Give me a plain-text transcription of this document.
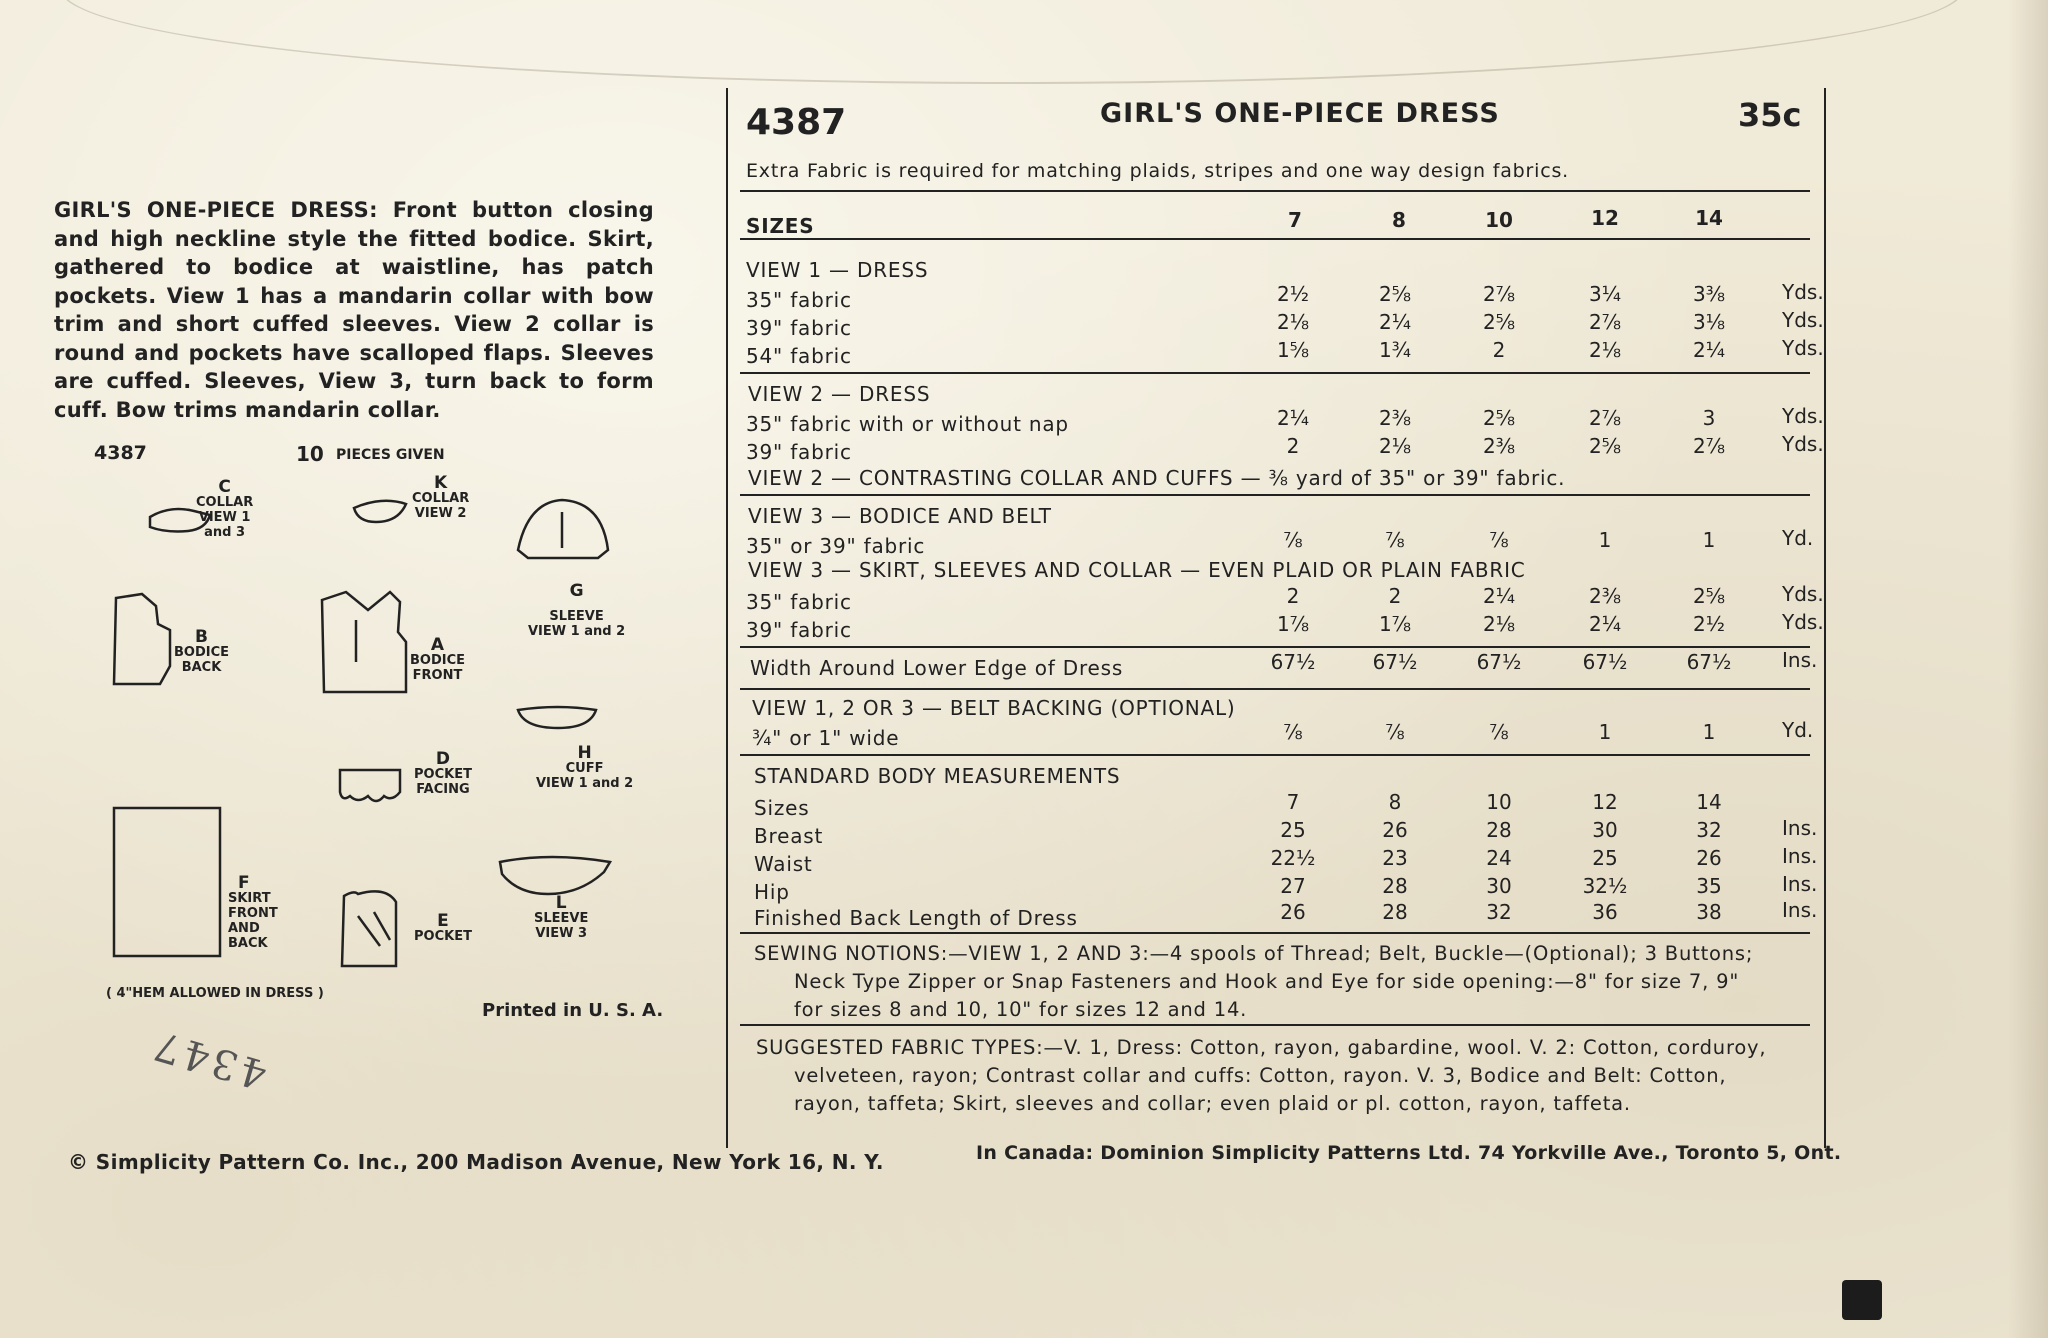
GIRL'S ONE-PIECE DRESS: Front button closing and high neckline style the fitted bodice. Skirt, gathered to bodice at waistline, has patch pockets. View 1 has a mandarin collar with bow trim and short cuffed sleeves. View 2 collar is round and pockets have scalloped flaps. Sleeves are cuffed. Sleeves, View 3, turn back to form cuff. Bow trims mandarin collar.
4387	10 PIECES GIVEN
C
COLLAR
VIEW 1
and 3
K
COLLAR
VIEW 2
G
SLEEVE
VIEW 1 and 2
B
BODICE
BACK
A
BODICE
FRONT
D
POCKET
FACING
H
CUFF
VIEW 1 and 2
F
SKIRT
FRONT
AND
BACK
E
POCKET
L
SLEEVE
VIEW 3
( 4"HEM ALLOWED IN DRESS )
Printed in U. S. A.
4347
4387	GIRL'S ONE-PIECE DRESS	35c
Extra Fabric is required for matching plaids, stripes and one way design fabrics.
SIZES	7	8	10	12	14
VIEW 1 — DRESS
35" fabric	2½	2⅝	2⅞	3¼	3⅜	Yds.
39" fabric	2⅛	2¼	2⅝	2⅞	3⅛	Yds.
54" fabric	1⅝	1¾	2	2⅛	2¼	Yds.
VIEW 2 — DRESS
35" fabric with or without nap	2¼	2⅜	2⅝	2⅞	3	Yds.
39" fabric	2	2⅛	2⅜	2⅝	2⅞	Yds.
VIEW 2 — CONTRASTING COLLAR AND CUFFS — ⅜ yard of 35" or 39" fabric.
VIEW 3 — BODICE AND BELT
35" or 39" fabric	⅞	⅞	⅞	1	1	Yd.
VIEW 3 — SKIRT, SLEEVES AND COLLAR — EVEN PLAID OR PLAIN FABRIC
35" fabric	2	2	2¼	2⅜	2⅝	Yds.
39" fabric	1⅞	1⅞	2⅛	2¼	2½	Yds.
Width Around Lower Edge of Dress	67½	67½	67½	67½	67½	Ins.
VIEW 1, 2 OR 3 — BELT BACKING (OPTIONAL)
¾" or 1" wide	⅞	⅞	⅞	1	1	Yd.
STANDARD BODY MEASUREMENTS
Sizes	7	8	10	12	14
Breast	25	26	28	30	32	Ins.
Waist	22½	23	24	25	26	Ins.
Hip	27	28	30	32½	35	Ins.
Finished Back Length of Dress	26	28	32	36	38	Ins.
SEWING NOTIONS:—VIEW 1, 2 AND 3:—4 spools of Thread; Belt, Buckle—(Optional); 3 Buttons;
Neck Type Zipper or Snap Fasteners and Hook and Eye for side opening:—8" for size 7, 9"
for sizes 8 and 10, 10" for sizes 12 and 14.
SUGGESTED FABRIC TYPES:—V. 1, Dress: Cotton, rayon, gabardine, wool. V. 2: Cotton, corduroy,
velveteen, rayon; Contrast collar and cuffs: Cotton, rayon. V. 3, Bodice and Belt: Cotton,
rayon, taffeta; Skirt, sleeves and collar; even plaid or pl. cotton, rayon, taffeta.
© Simplicity Pattern Co. Inc., 200 Madison Avenue, New York 16, N. Y.	In Canada: Dominion Simplicity Patterns Ltd. 74 Yorkville Ave., Toronto 5, Ont.
